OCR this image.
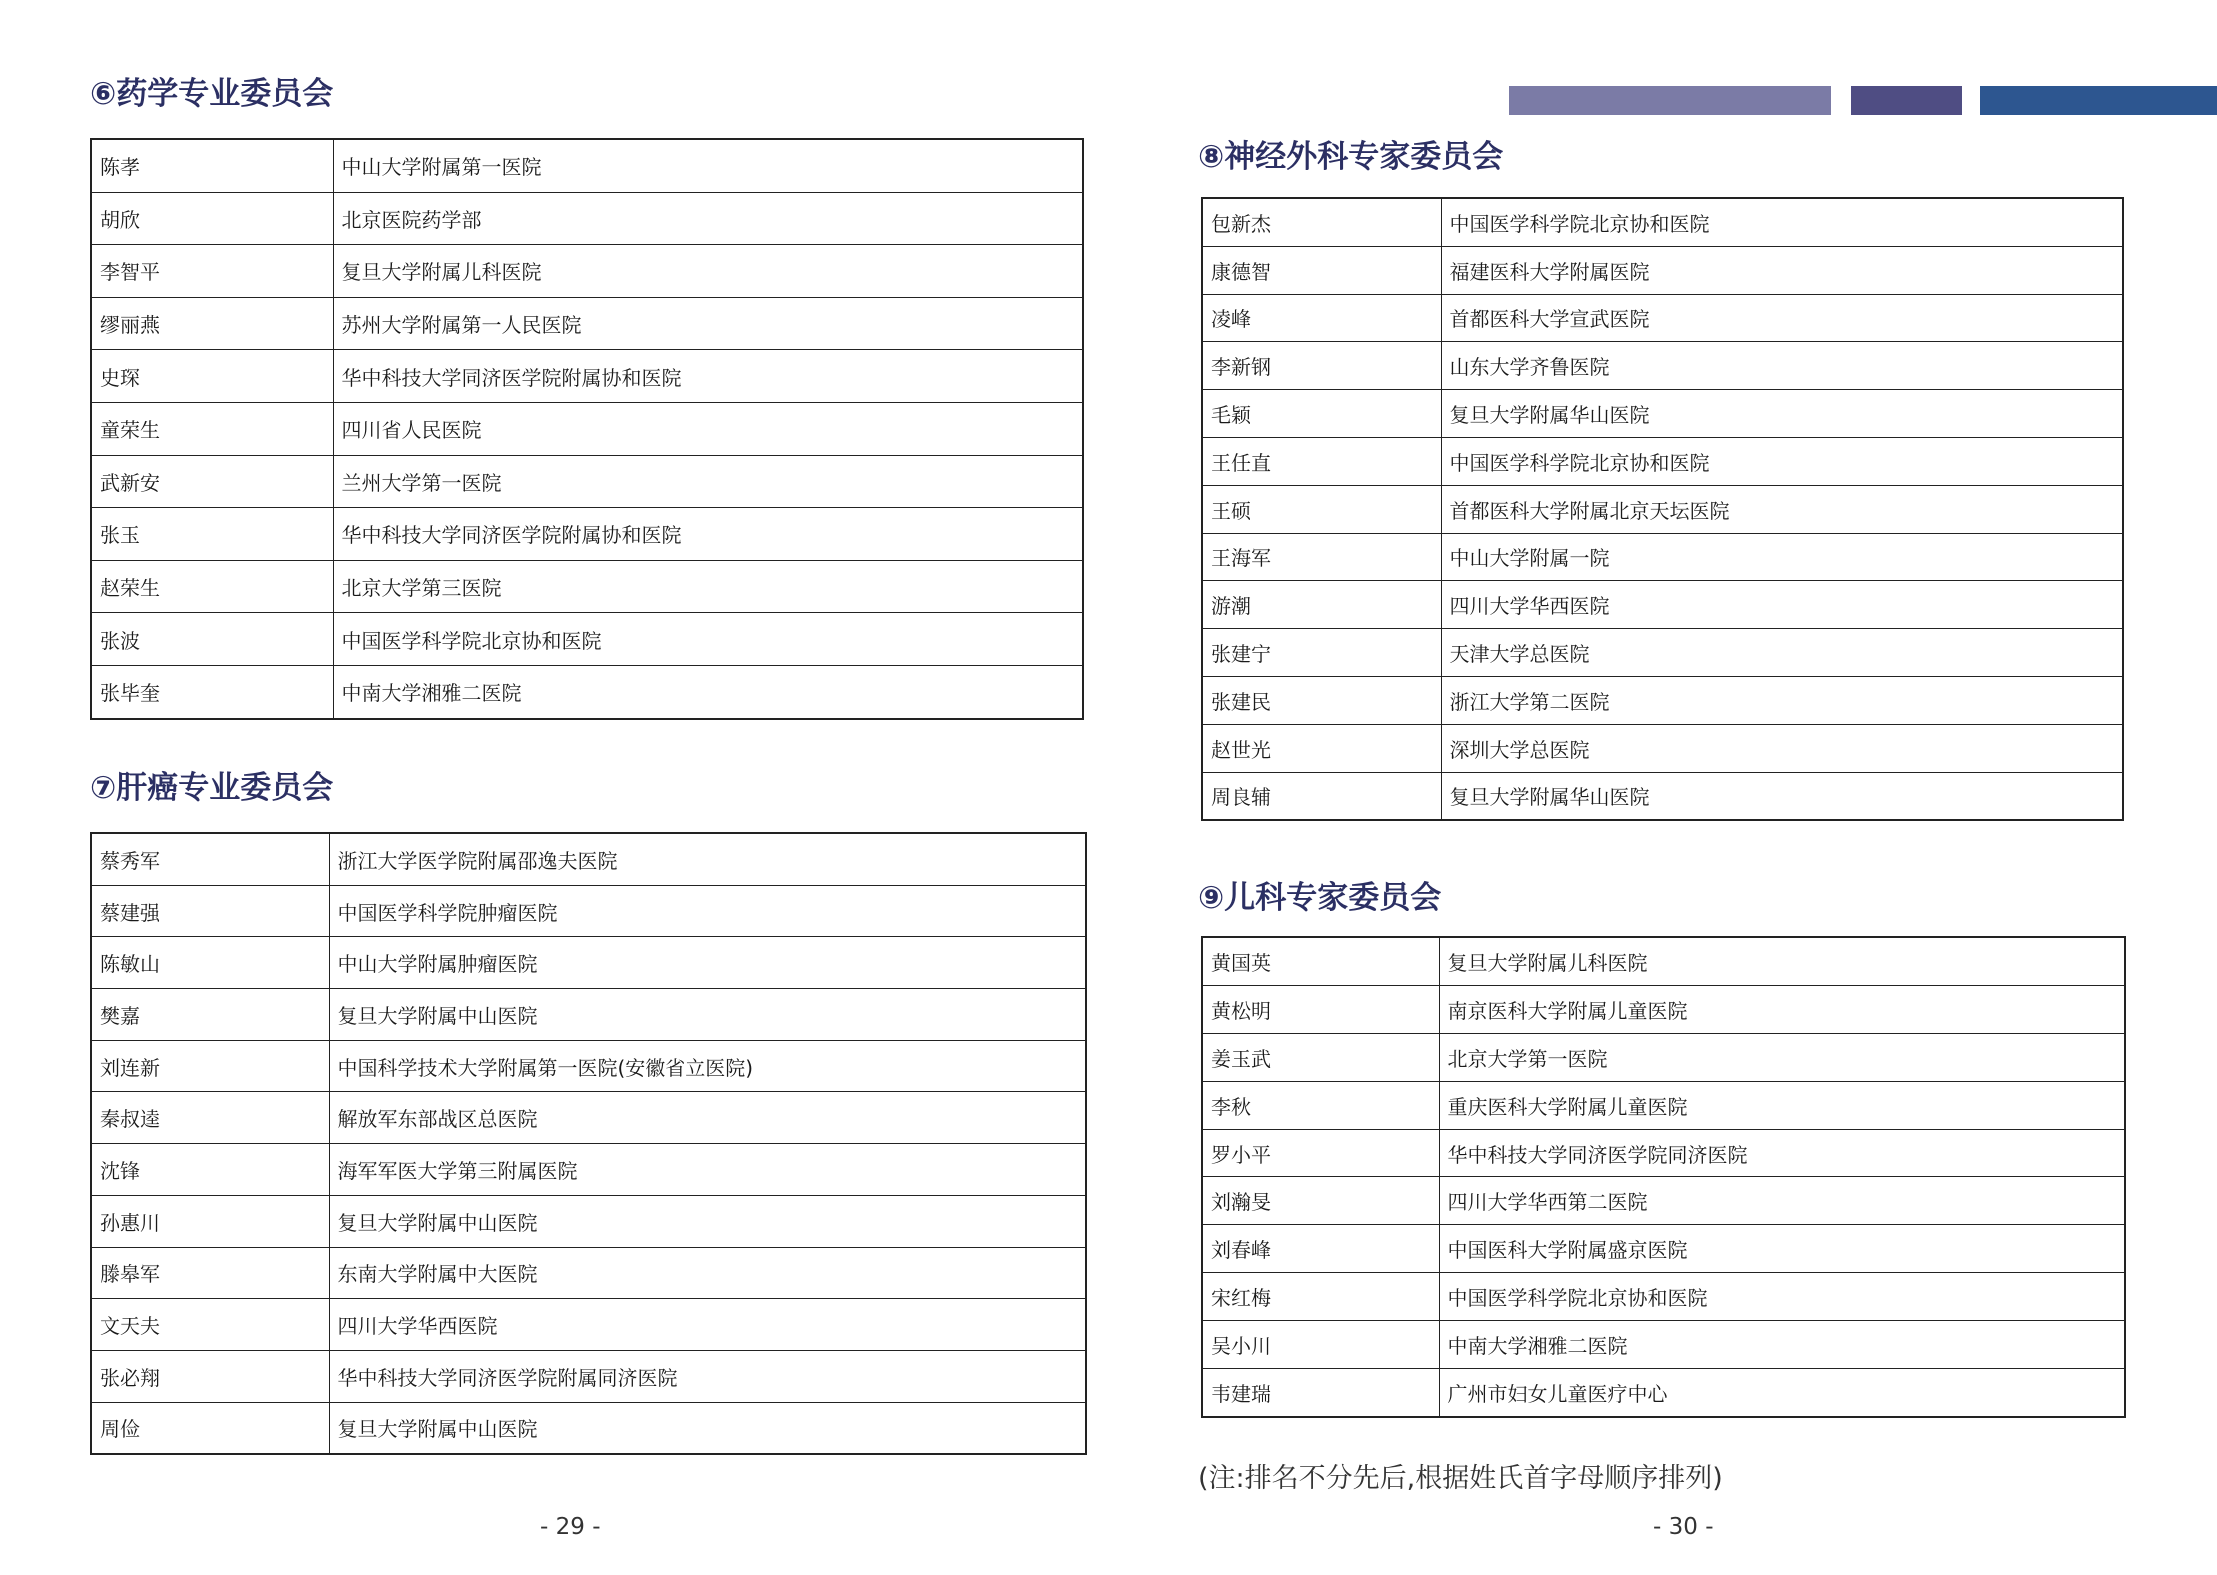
⑥药学专业委员会
陈孝	中山大学附属第一医院
胡欣	北京医院药学部
李智平	复旦大学附属儿科医院
缪丽燕	苏州大学附属第一人民医院
史琛	华中科技大学同济医学院附属协和医院
童荣生	四川省人民医院
武新安	兰州大学第一医院
张玉	华中科技大学同济医学院附属协和医院
赵荣生	北京大学第三医院
张波	中国医学科学院北京协和医院
张毕奎	中南大学湘雅二医院
⑦肝癌专业委员会
蔡秀军	浙江大学医学院附属邵逸夫医院
蔡建强	中国医学科学院肿瘤医院
陈敏山	中山大学附属肿瘤医院
樊嘉	复旦大学附属中山医院
刘连新	中国科学技术大学附属第一医院(安徽省立医院)
秦叔逵	解放军东部战区总医院
沈锋	海军军医大学第三附属医院
孙惠川	复旦大学附属中山医院
滕皋军	东南大学附属中大医院
文天夫	四川大学华西医院
张必翔	华中科技大学同济医学院附属同济医院
周俭	复旦大学附属中山医院
- 29 -
⑧神经外科专家委员会
包新杰	中国医学科学院北京协和医院
康德智	福建医科大学附属医院
凌峰	首都医科大学宣武医院
李新钢	山东大学齐鲁医院
毛颖	复旦大学附属华山医院
王任直	中国医学科学院北京协和医院
王硕	首都医科大学附属北京天坛医院
王海军	中山大学附属一院
游潮	四川大学华西医院
张建宁	天津大学总医院
张建民	浙江大学第二医院
赵世光	深圳大学总医院
周良辅	复旦大学附属华山医院
⑨儿科专家委员会
黄国英	复旦大学附属儿科医院
黄松明	南京医科大学附属儿童医院
姜玉武	北京大学第一医院
李秋	重庆医科大学附属儿童医院
罗小平	华中科技大学同济医学院同济医院
刘瀚旻	四川大学华西第二医院
刘春峰	中国医科大学附属盛京医院
宋红梅	中国医学科学院北京协和医院
吴小川	中南大学湘雅二医院
韦建瑞	广州市妇女儿童医疗中心
(注:排名不分先后,根据姓氏首字母顺序排列)
- 30 -
